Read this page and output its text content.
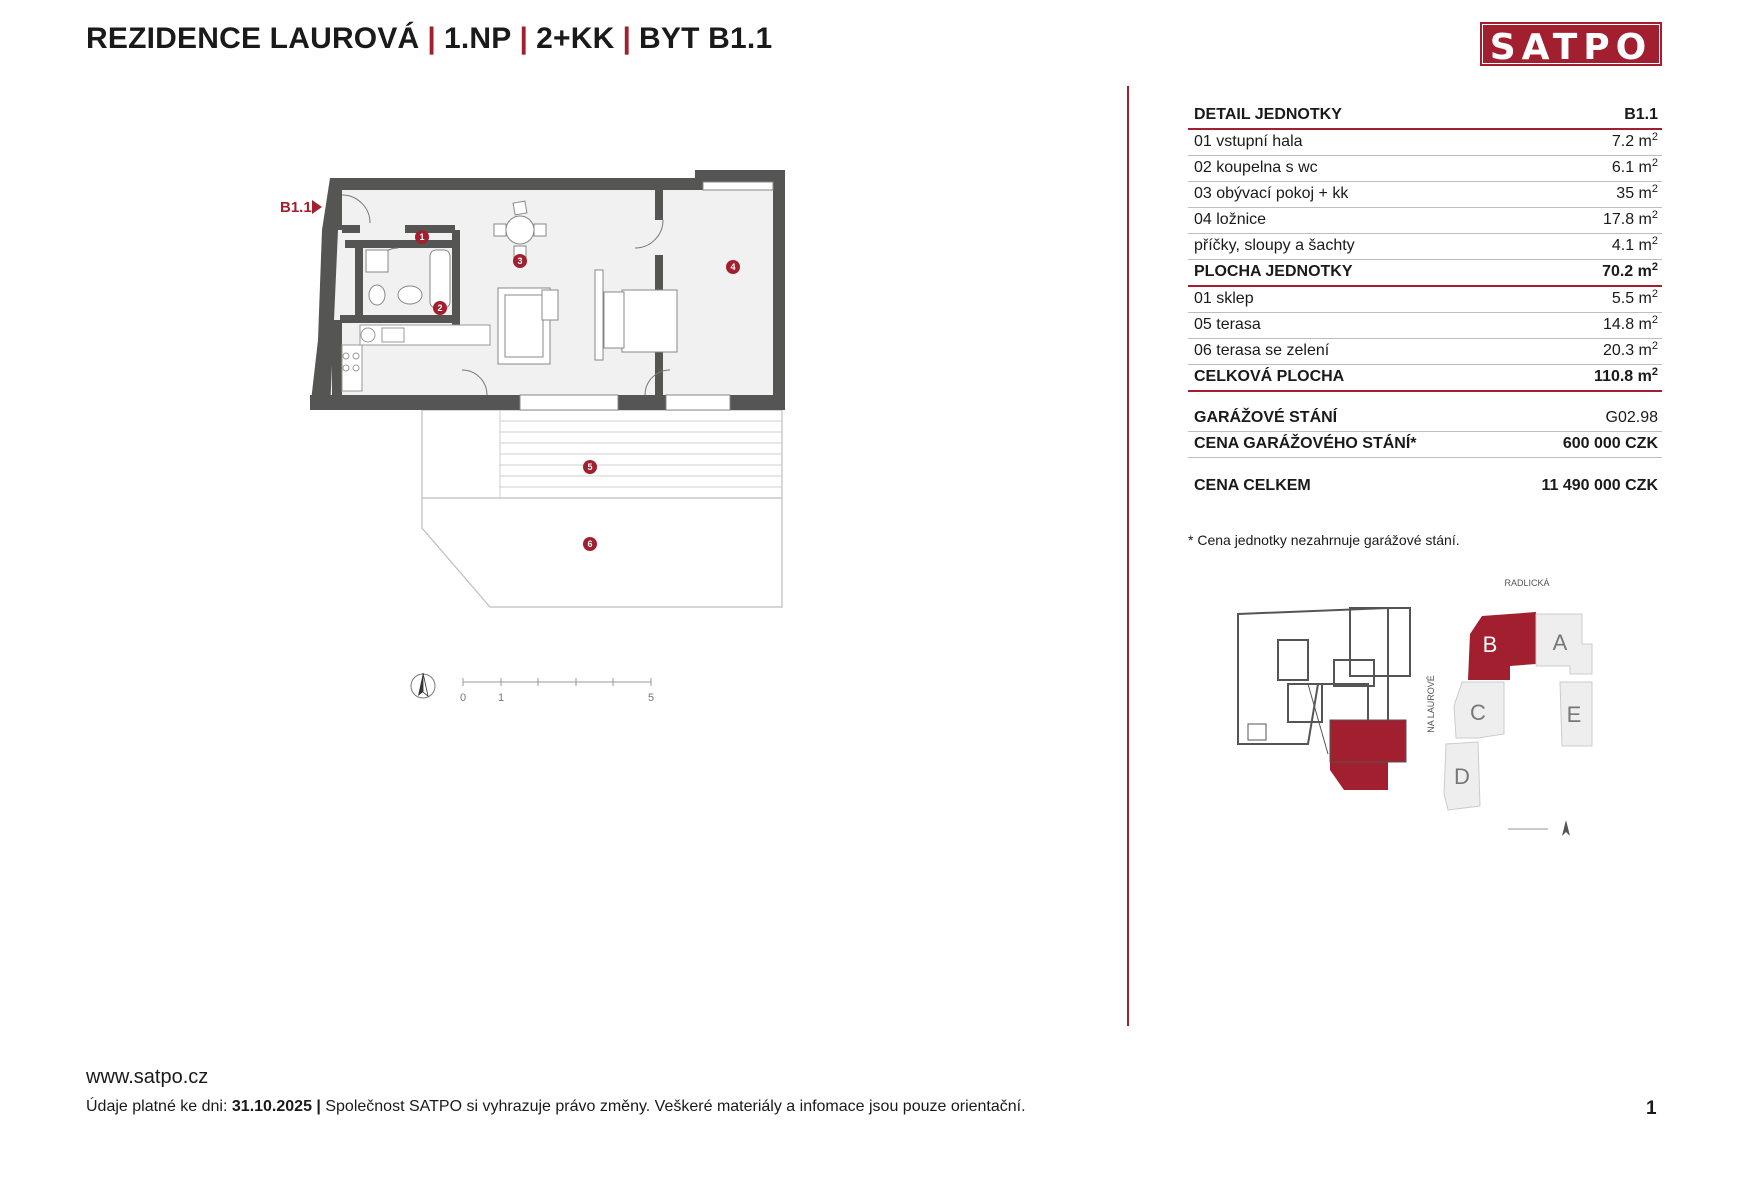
REZIDENCE LAUROVÁ | 1.NP | 2+KK | BYT B1.1	SATPO
B1.1
1
2
3
4
5
6
0	1	5
DETAIL JEDNOTKY	B1.1
01 vstupní hala	7.2 $m^2$
02 koupelna s wc	6.1 $m^2$
03 obývací pokoj + kk	35 $m^2$
04 ložnice	17.8 $m^2$
příčky, sloupy a šachty	4.1 $m^2$
PLOCHA JEDNOTKY	70.2 $m^2$
01 sklep	5.5 $m^2$
05 terasa	14.8 $m^2$
06 terasa se zelení	20.3 $m^2$
CELKOVÁ PLOCHA	110.8 $m^2$
GARÁŽOVÉ STÁNÍ	G02.98
CENA GARÁŽOVÉHO STÁNÍ*	600 000 CZK
CENA CELKEM	11 490 000 CZK
* Cena jednotky nezahrnuje garážové stání.
RADLICKÁ
NA LAUROVÉ
B	A
E
C
D
www.satpo.cz
Údaje platné ke dni: 31.10.2025 | Společnost SATPO si vyhrazuje právo změny. Veškeré materiály a infomace jsou pouze orientační.	1
